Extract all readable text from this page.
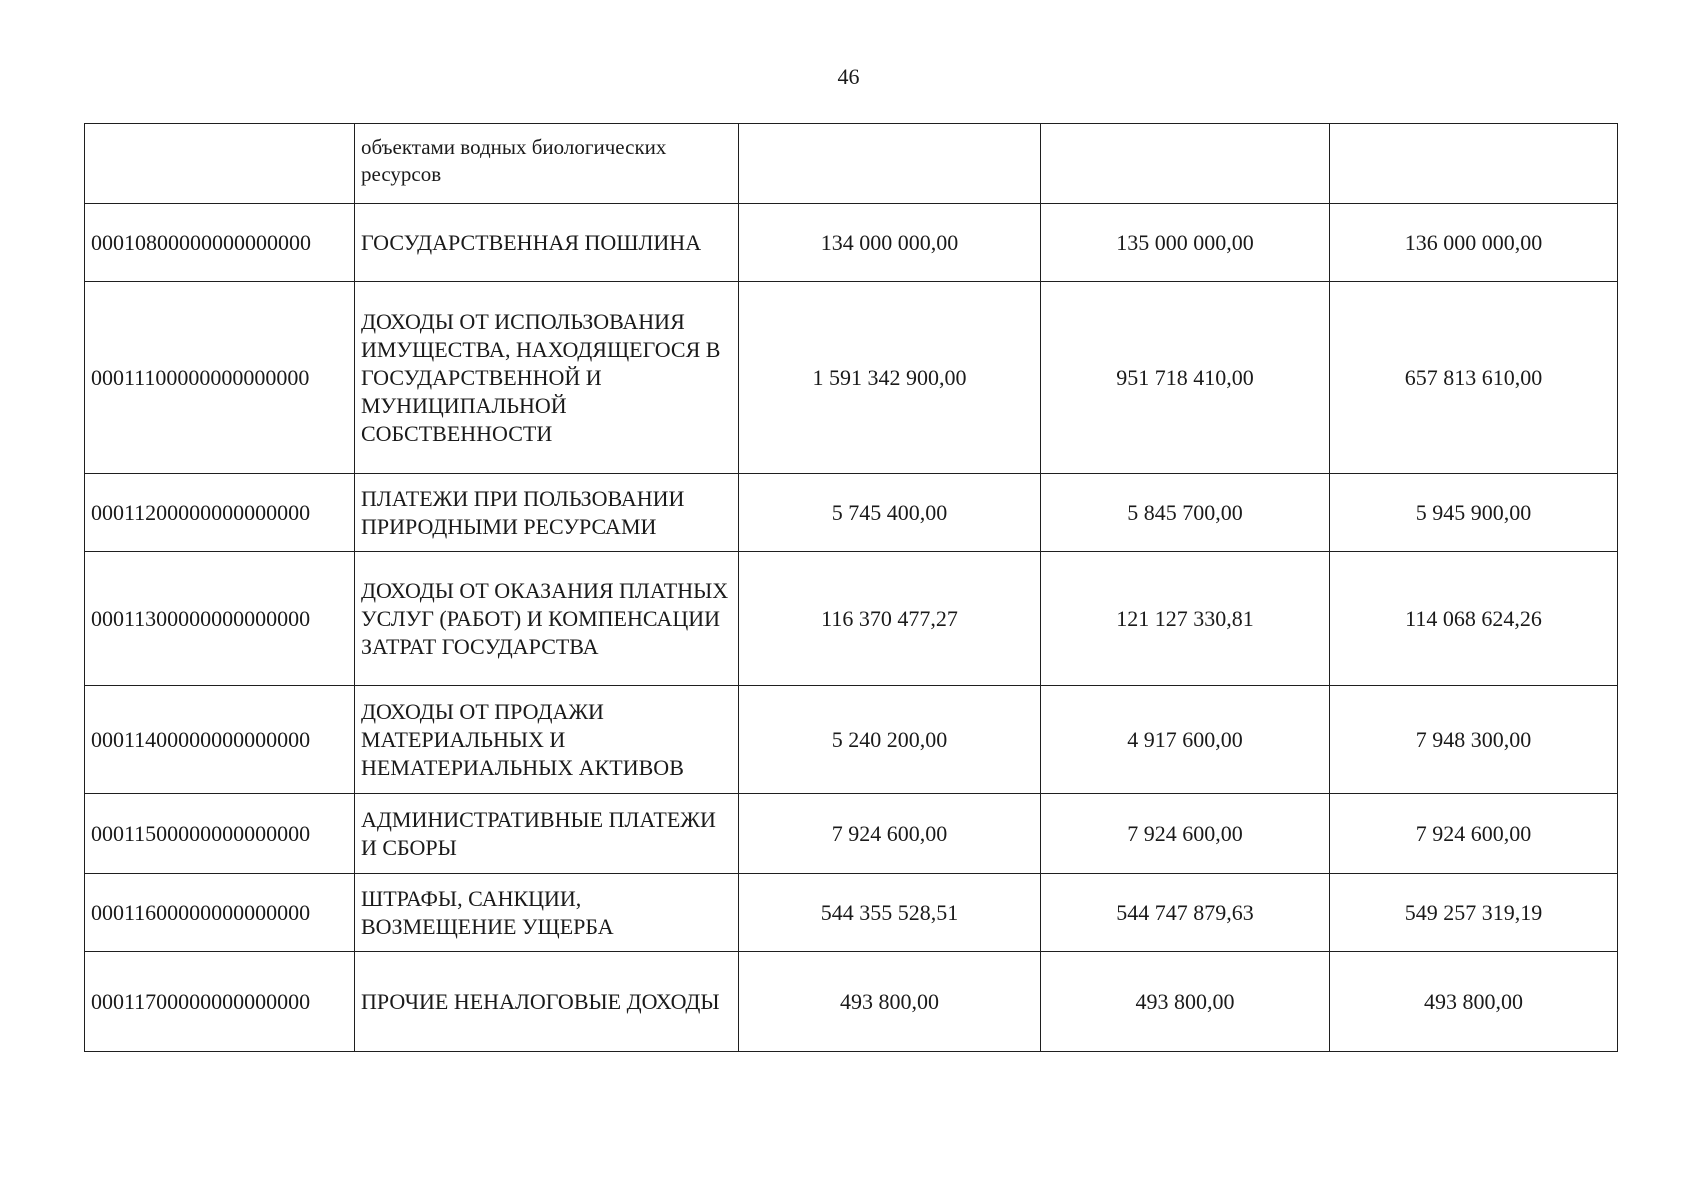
46
	объектами водных биологических ресурсов			
00010800000000000000	ГОСУДАРСТВЕННАЯ ПОШЛИНА	134 000 000,00	135 000 000,00	136 000 000,00
00011100000000000000	ДОХОДЫ ОТ ИСПОЛЬЗОВАНИЯ ИМУЩЕСТВА, НАХОДЯЩЕГОСЯ В ГОСУДАРСТВЕННОЙ И МУНИЦИПАЛЬНОЙ СОБСТВЕННОСТИ	1 591 342 900,00	951 718 410,00	657 813 610,00
00011200000000000000	ПЛАТЕЖИ ПРИ ПОЛЬЗОВАНИИ ПРИРОДНЫМИ РЕСУРСАМИ	5 745 400,00	5 845 700,00	5 945 900,00
00011300000000000000	ДОХОДЫ ОТ ОКАЗАНИЯ ПЛАТНЫХ УСЛУГ (РАБОТ) И КОМПЕНСАЦИИ ЗАТРАТ ГОСУДАРСТВА	116 370 477,27	121 127 330,81	114 068 624,26
00011400000000000000	ДОХОДЫ ОТ ПРОДАЖИ МАТЕРИАЛЬНЫХ И НЕМАТЕРИАЛЬНЫХ АКТИВОВ	5 240 200,00	4 917 600,00	7 948 300,00
00011500000000000000	АДМИНИСТРАТИВНЫЕ ПЛАТЕЖИ И СБОРЫ	7 924 600,00	7 924 600,00	7 924 600,00
00011600000000000000	ШТРАФЫ, САНКЦИИ, ВОЗМЕЩЕНИЕ УЩЕРБА	544 355 528,51	544 747 879,63	549 257 319,19
00011700000000000000	ПРОЧИЕ НЕНАЛОГОВЫЕ ДОХОДЫ	493 800,00	493 800,00	493 800,00
